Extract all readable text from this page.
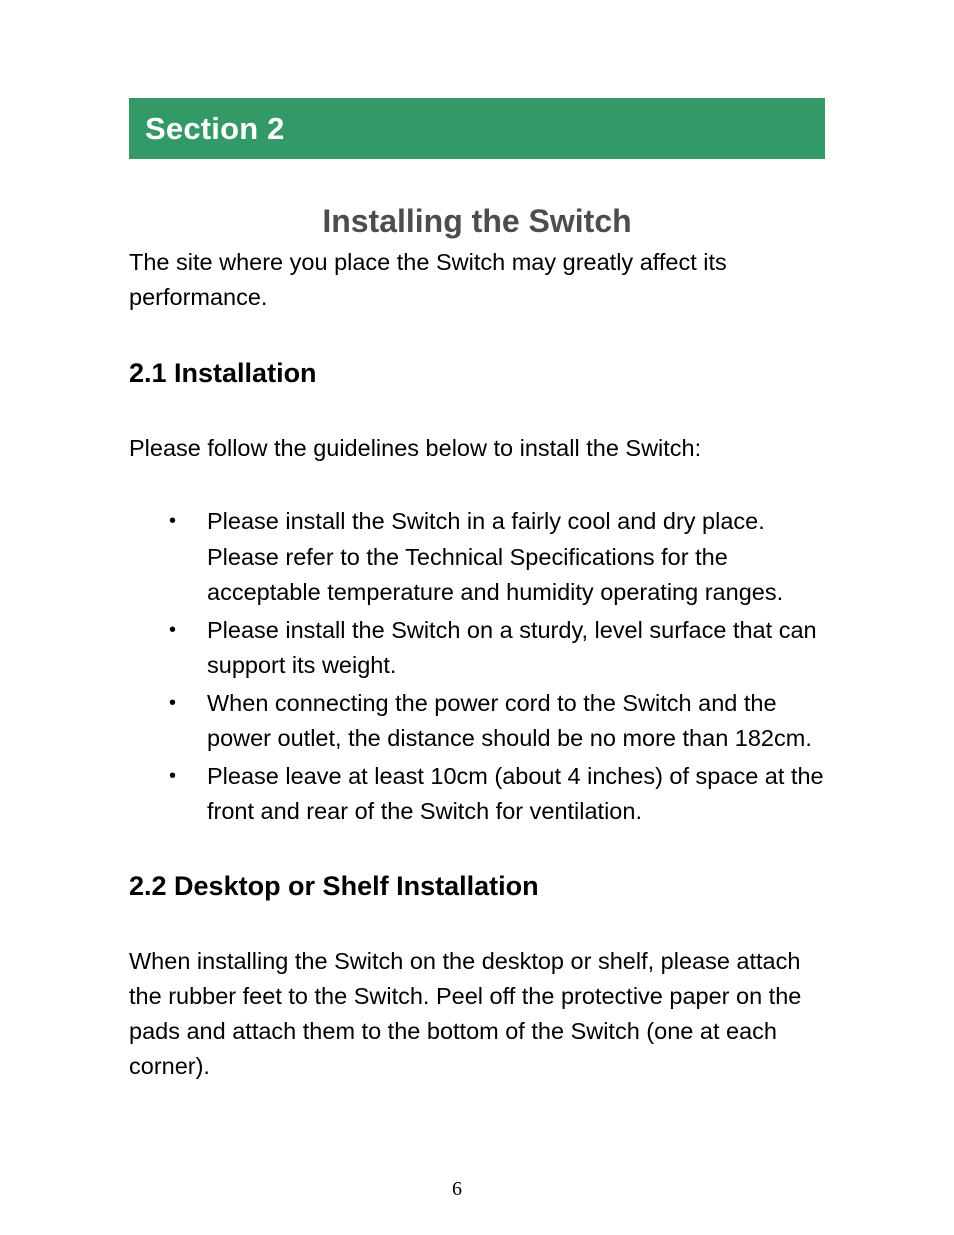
Section 2
Installing the Switch

The site where you place the Switch may greatly affect its performance.

2.1 Installation

Please follow the guidelines below to install the Switch:

• Please install the Switch in a fairly cool and dry place. Please refer to the Technical Specifications for the acceptable temperature and humidity operating ranges.
• Please install the Switch on a sturdy, level surface that can support its weight.
• When connecting the power cord to the Switch and the power outlet, the distance should be no more than 182cm.
• Please leave at least 10cm (about 4 inches) of space at the front and rear of the Switch for ventilation.
2.2 Desktop or Shelf Installation

When installing the Switch on the desktop or shelf, please attach the rubber feet to the Switch. Peel off the protective paper on the pads and attach them to the bottom of the Switch (one at each corner).

6
